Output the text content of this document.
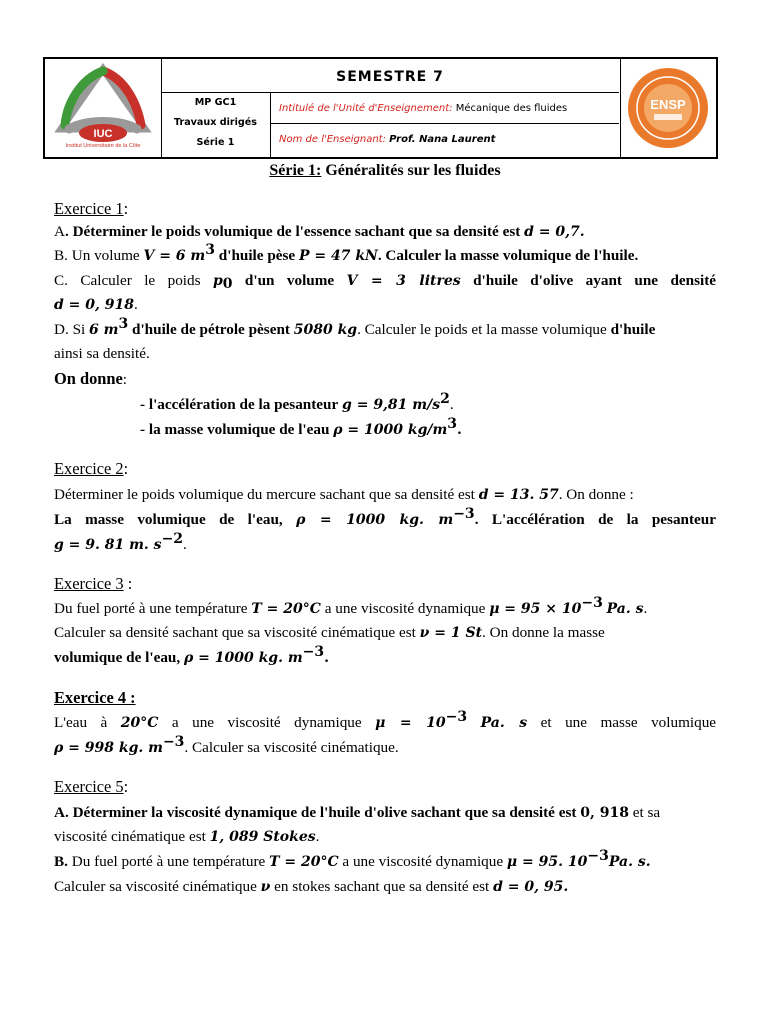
IUC
Institut Universitaire de la Côte
SEMESTRE 7
MP GC1
Travaux dirigés
Série 1
Intitulé de l'Unité d'Enseignement: Mécanique des fluides
Nom de l'Enseignant: Prof. Nana Laurent
ENSP
Série 1: Généralités sur les fluides
Exercice 1:
A. Déterminer le poids volumique de l'essence sachant que sa densité est d = 0,7.
B. Un volume V = 6 $m^3$ d'huile pèse P = 47 kN. Calculer la masse volumique de l'huile.
C. Calculer le poids $p_0$ d'un volume V = 3 litres d'huile d'olive ayant une densité
d = 0, 918.
D. Si 6 $m^3$ d'huile de pétrole pèsent 5080 kg. Calculer le poids et la masse volumique d'huile
ainsi sa densité.
On donne:
- l'accélération de la pesanteur g = 9,81 $m/s^2$.
- la masse volumique de l'eau ρ = 1000 $kg/m^3$.
Exercice 2:
Déterminer le poids volumique du mercure sachant que sa densité est d = 13. 57. On donne :
La masse volumique de l'eau, ρ = 1000 kg. $m^{-3}$. L'accélération de la pesanteur
g = 9. 81 m. $s^{-2}$.
Exercice 3 :
Du fuel porté à une température T = 20°C a une viscosité dynamique $\mu = 95 \times 10^{-3}$ Pa. s.
Calculer sa densité sachant que sa viscosité cinématique est ν = 1 St. On donne la masse
volumique de l'eau, ρ = 1000 kg. $m^{-3}$.
Exercice 4 :
L'eau à 20°C a une viscosité dynamique $\mu = 10^{-3}$ Pa. s et une masse volumique
ρ = 998 kg. $m^{-3}$. Calculer sa viscosité cinématique.
Exercice 5:
A. Déterminer la viscosité dynamique de l'huile d'olive sachant que sa densité est 0, 918 et sa
viscosité cinématique est 1, 089 Stokes.
B. Du fuel porté à une température T = 20°C a une viscosité dynamique μ = 95. $10^{-3}Pa$. s.
Calculer sa viscosité cinématique ν en stokes sachant que sa densité est d = 0, 95.
